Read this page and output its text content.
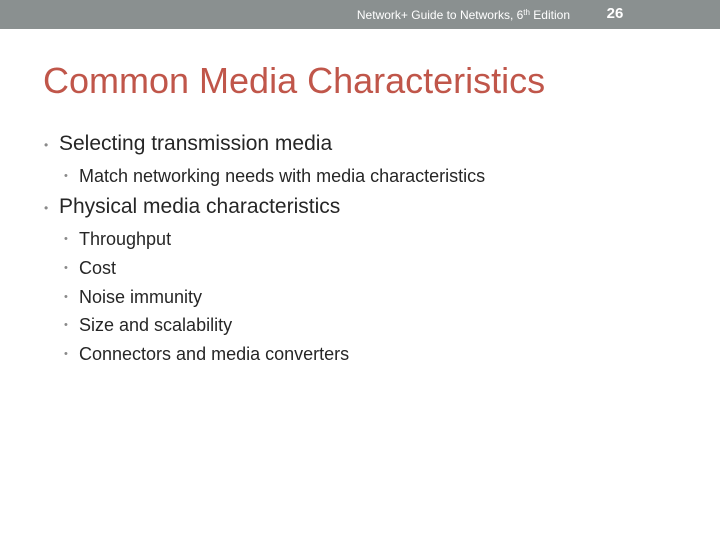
Network+ Guide to Networks, 6th Edition	26
Common Media Characteristics
• Selecting transmission media
• Match networking needs with media characteristics
• Physical media characteristics
• Throughput
• Cost
• Noise immunity
• Size and scalability
• Connectors and media converters
